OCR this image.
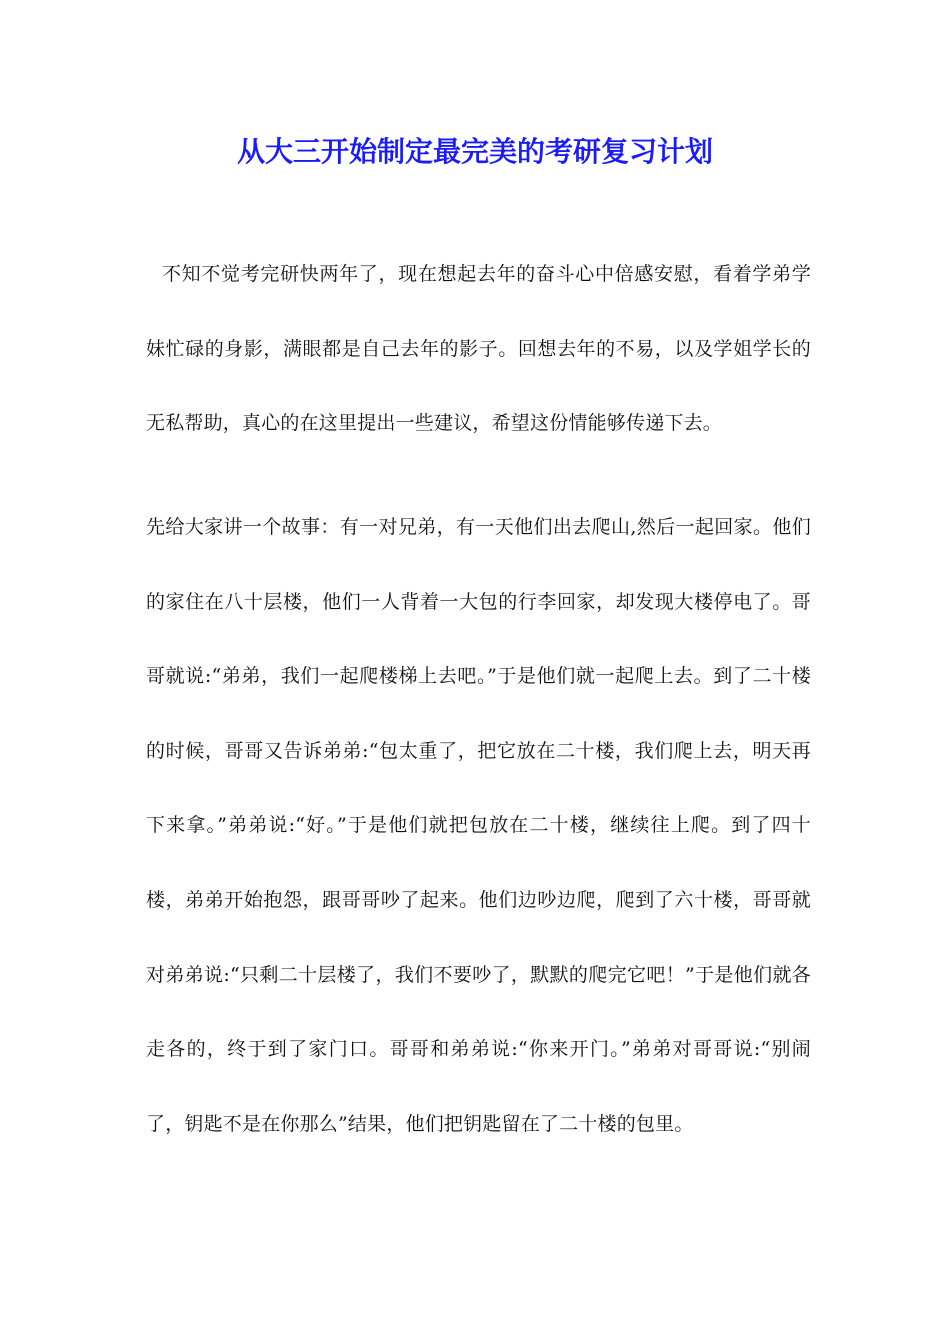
从大三开始制定最完美的考研复习计划

不知不觉考完研快两年了，现在想起去年的奋斗心中倍感安慰，看着学弟学妹忙碌的身影，满眼都是自己去年的影子。回想去年的不易，以及学姐学长的无私帮助，真心的在这里提出一些建议，希望这份情能够传递下去。

先给大家讲一个故事：有一对兄弟，有一天他们出去爬山,然后一起回家。他们的家住在八十层楼，他们一人背着一大包的行李回家，却发现大楼停电了。哥哥就说:“弟弟，我们一起爬楼梯上去吧。”于是他们就一起爬上去。到了二十楼的时候，哥哥又告诉弟弟:“包太重了，把它放在二十楼，我们爬上去，明天再下来拿。”弟弟说:“好。”于是他们就把包放在二十楼，继续往上爬。到了四十楼，弟弟开始抱怨，跟哥哥吵了起来。他们边吵边爬，爬到了六十楼，哥哥就对弟弟说:“只剩二十层楼了，我们不要吵了，默默的爬完它吧！”于是他们就各走各的，终于到了家门口。哥哥和弟弟说:“你来开门。”弟弟对哥哥说:“别闹了，钥匙不是在你那么”结果，他们把钥匙留在了二十楼的包里。
